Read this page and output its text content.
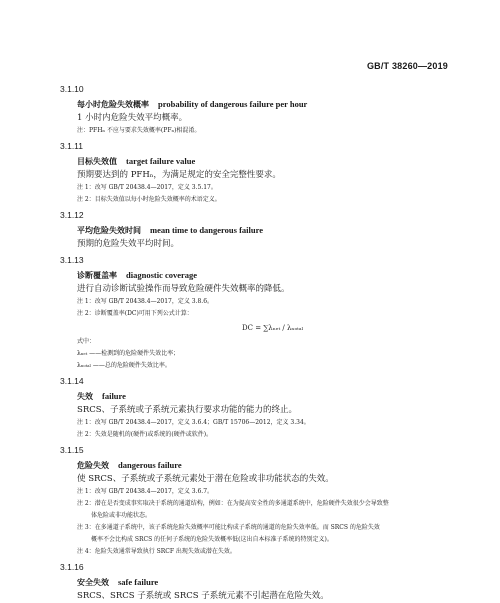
GB/T 38260—2019
3.1.10
每小时危险失效概率 probability of dangerous failure per hour
1 小时内危险失效平均概率。
注：PFHₙ 不应与要求失效概率(PFₙ)相混淆。
3.1.11
目标失效值 target failure value
预期要达到的 PFHₙ，为满足规定的安全完整性要求。
注 1：改写 GB/T 20438.4—2017，定义 3.5.17。
注 2：目标失效值以每小时危险失效概率的术语定义。
3.1.12
平均危险失效时间 mean time to dangerous failure
预期的危险失效平均时间。
3.1.13
诊断覆盖率 diagnostic coverage
进行自动诊断试验操作而导致危险硬件失效概率的降低。
注 1：改写 GB/T 20438.4—2017，定义 3.8.6。
注 2：诊断覆盖率(DC)可用下列公式计算：
DC = ∑λₙₑₜ / λₙₒₜₐₗ
式中：
λₙₑₜ ——检测到的危险硬件失效比率；
λₙₒₜₐₗ ——总的危险硬件失效比率。
3.1.14
失效 failure
SRCS、子系统或子系统元素执行要求功能的能力的终止。
注 1：改写 GB/T 20438.4—2017，定义 3.6.4；GB/T 15706—2012，定义 3.34。
注 2：失效是随机的(硬件)或系统的(硬件或软件)。
3.1.15
危险失效 dangerous failure
使 SRCS、子系统或子系统元素处于潜在危险或非功能状态的失效。
注 1：改写 GB/T 20438.4—2017，定义 3.6.7。
注 2：潜在是否变成事实取决于系统的通道结构，例如：在为提高安全性的多通道系统中，危险硬件失效很少会导致整
体危险或非功能状态。
注 3：在多通道子系统中，该子系统危险失效概率可能比构成子系统的通道的危险失效率低。而 SRCS 的危险失效
概率不会比构成 SRCS 的任何子系统的危险失效概率低(这出自本标准子系统的特别定义)。
注 4：危险失效通常导致执行 SRCF 出现失效或潜在失效。
3.1.16
安全失效 safe failure
SRCS、SRCS 子系统或 SRCS 子系统元素不引起潜在危险失效。
